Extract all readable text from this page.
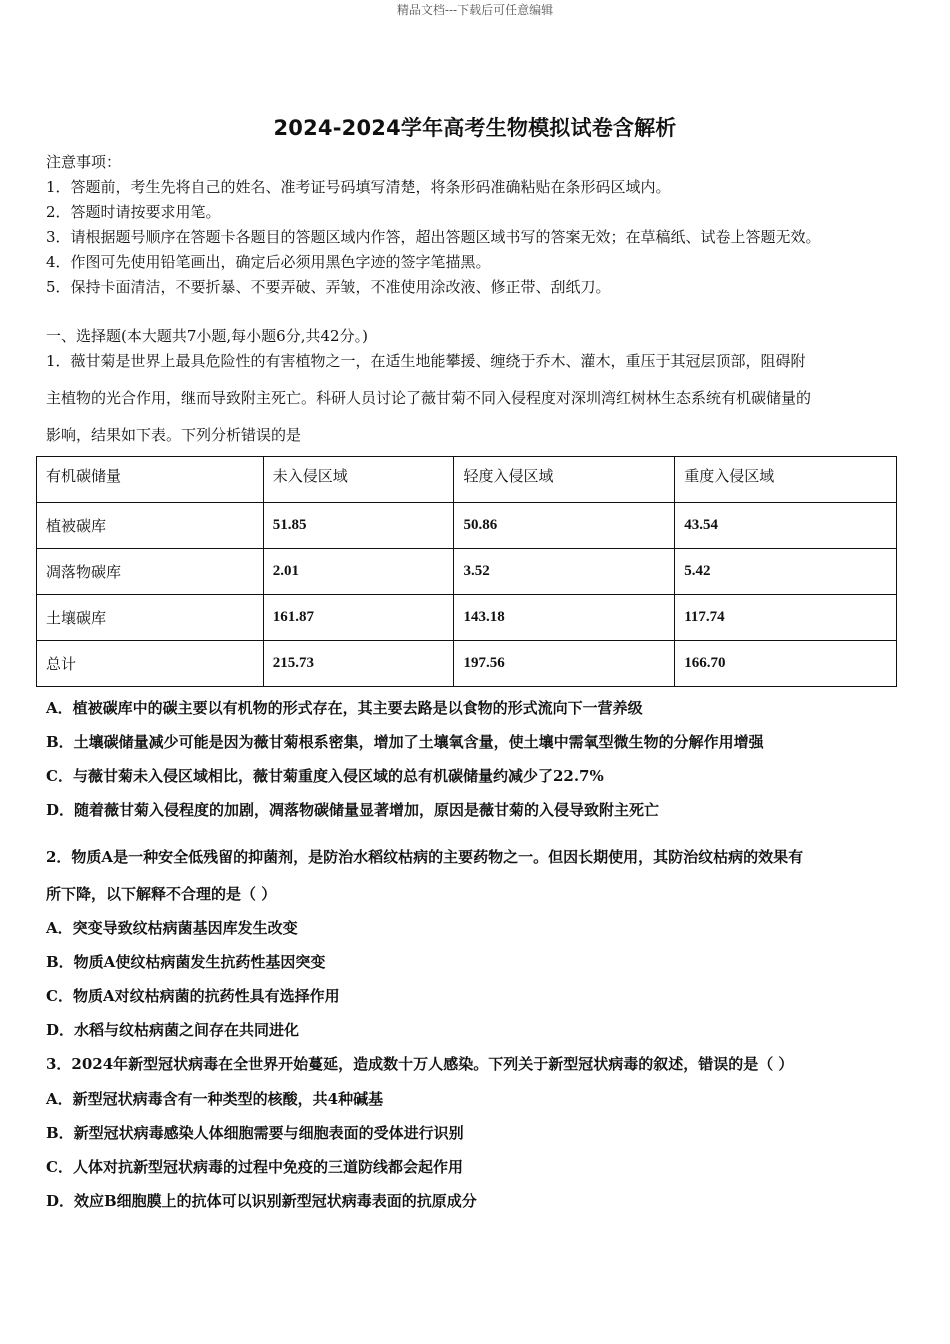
精品文档---下载后可任意编辑
2024-2024学年高考生物模拟试卷含解析
注意事项：
1．答题前，考生先将自己的姓名、准考证号码填写清楚，将条形码准确粘贴在条形码区域内。
2．答题时请按要求用笔。
3．请根据题号顺序在答题卡各题目的答题区域内作答，超出答题区域书写的答案无效；在草稿纸、试卷上答题无效。
4．作图可先使用铅笔画出，确定后必须用黑色字迹的签字笔描黑。
5．保持卡面清洁，不要折暴、不要弄破、弄皱，不准使用涂改液、修正带、刮纸刀。
一、选择题(本大题共7小题,每小题6分,共42分。)
1．薇甘菊是世界上最具危险性的有害植物之一，在适生地能攀援、缠绕于乔木、灌木，重压于其冠层顶部，阻碍附
主植物的光合作用，继而导致附主死亡。科研人员讨论了薇甘菊不同入侵程度对深圳湾红树林生态系统有机碳储量的
影响，结果如下表。下列分析错误的是
有机碳储量	未入侵区域	轻度入侵区域	重度入侵区域
植被碳库	51.85	50.86	43.54
凋落物碳库	2.01	3.52	5.42
土壤碳库	161.87	143.18	117.74
总计	215.73	197.56	166.70
A．植被碳库中的碳主要以有机物的形式存在，其主要去路是以食物的形式流向下一营养级
B．土壤碳储量减少可能是因为薇甘菊根系密集，增加了土壤氧含量，使土壤中需氧型微生物的分解作用增强
C．与薇甘菊未入侵区域相比，薇甘菊重度入侵区域的总有机碳储量约减少了22.7%
D．随着薇甘菊入侵程度的加剧，凋落物碳储量显著增加，原因是薇甘菊的入侵导致附主死亡
2．物质A是一种安全低残留的抑菌剂，是防治水稻纹枯病的主要药物之一。但因长期使用，其防治纹枯病的效果有
所下降，以下解释不合理的是（ ）
A．突变导致纹枯病菌基因库发生改变
B．物质A使纹枯病菌发生抗药性基因突变
C．物质A对纹枯病菌的抗药性具有选择作用
D．水稻与纹枯病菌之间存在共同进化
3．2024年新型冠状病毒在全世界开始蔓延，造成数十万人感染。下列关于新型冠状病毒的叙述，错误的是（ ）
A．新型冠状病毒含有一种类型的核酸，共4种碱基
B．新型冠状病毒感染人体细胞需要与细胞表面的受体进行识别
C．人体对抗新型冠状病毒的过程中免疫的三道防线都会起作用
D．效应B细胞膜上的抗体可以识别新型冠状病毒表面的抗原成分
